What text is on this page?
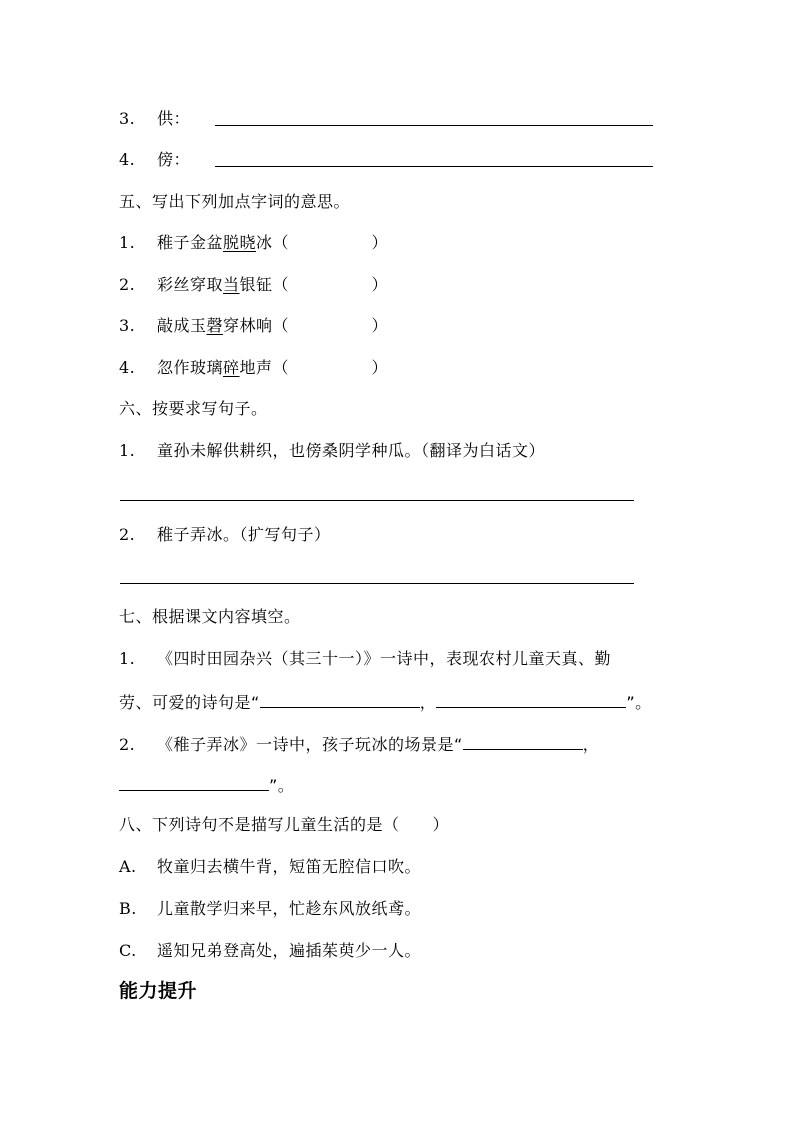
3. 供：
4. 傍：
五、写出下列加点字词的意思。
1. 稚子金盆脱晓冰（　　　　　）
2. 彩丝穿取当银钲（　　　　　）
3. 敲成玉磬穿林响（　　　　　）
4. 忽作玻璃碎地声（　　　　　）
六、按要求写句子。
1. 童孙未解供耕织，也傍桑阴学种瓜。（翻译为白话文）
2. 稚子弄冰。（扩写句子）
七、根据课文内容填空。
1. 《四时田园杂兴（其三十一）》一诗中，表现农村儿童天真、勤
劳、可爱的诗句是“	，	”。
2. 《稚子弄冰》一诗中，孩子玩冰的场景是“	，
”。
八、下列诗句不是描写儿童生活的是（　　）
A. 牧童归去横牛背，短笛无腔信口吹。
B. 儿童散学归来早，忙趁东风放纸鸢。
C. 遥知兄弟登高处，遍插茱萸少一人。
能力提升
